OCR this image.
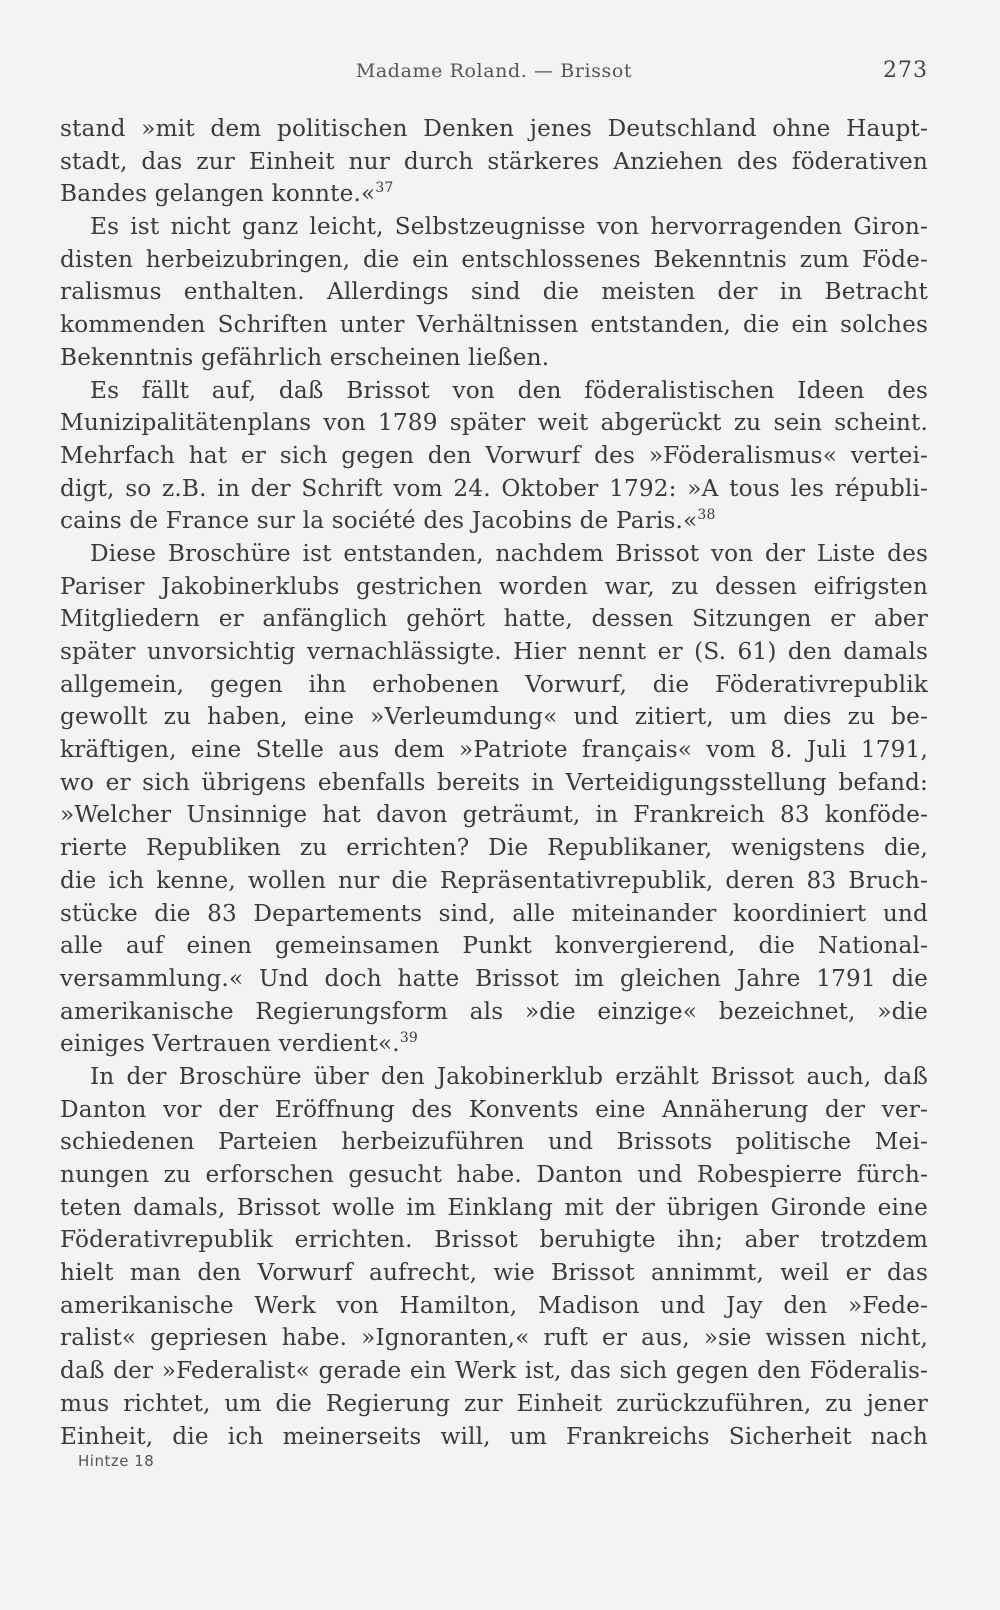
Madame Roland. — Brissot	273
stand »mit dem politischen Denken jenes Deutschland ohne Haupt-
stadt, das zur Einheit nur durch stärkeres Anziehen des föderativen
Bandes gelangen konnte.«$^{37}$
Es ist nicht ganz leicht, Selbstzeugnisse von hervorragenden Giron-
disten herbeizubringen, die ein entschlossenes Bekenntnis zum Föde-
ralismus enthalten. Allerdings sind die meisten der in Betracht
kommenden Schriften unter Verhältnissen entstanden, die ein solches
Bekenntnis gefährlich erscheinen ließen.
Es fällt auf, daß Brissot von den föderalistischen Ideen des
Munizipalitätenplans von 1789 später weit abgerückt zu sein scheint.
Mehrfach hat er sich gegen den Vorwurf des »Föderalismus« vertei-
digt, so z.B. in der Schrift vom 24. Oktober 1792: »A tous les républi-
cains de France sur la société des Jacobins de Paris.«$^{38}$
Diese Broschüre ist entstanden, nachdem Brissot von der Liste des
Pariser Jakobinerklubs gestrichen worden war, zu dessen eifrigsten
Mitgliedern er anfänglich gehört hatte, dessen Sitzungen er aber
später unvorsichtig vernachlässigte. Hier nennt er (S. 61) den damals
allgemein, gegen ihn erhobenen Vorwurf, die Föderativrepublik
gewollt zu haben, eine »Verleumdung« und zitiert, um dies zu be-
kräftigen, eine Stelle aus dem »Patriote français« vom 8. Juli 1791,
wo er sich übrigens ebenfalls bereits in Verteidigungsstellung befand:
»Welcher Unsinnige hat davon geträumt, in Frankreich 83 konföde-
rierte Republiken zu errichten? Die Republikaner, wenigstens die,
die ich kenne, wollen nur die Repräsentativrepublik, deren 83 Bruch-
stücke die 83 Departements sind, alle miteinander koordiniert und
alle auf einen gemeinsamen Punkt konvergierend, die National-
versammlung.« Und doch hatte Brissot im gleichen Jahre 1791 die
amerikanische Regierungsform als »die einzige« bezeichnet, »die
einiges Vertrauen verdient«.$^{39}$
In der Broschüre über den Jakobinerklub erzählt Brissot auch, daß
Danton vor der Eröffnung des Konvents eine Annäherung der ver-
schiedenen Parteien herbeizuführen und Brissots politische Mei-
nungen zu erforschen gesucht habe. Danton und Robespierre fürch-
teten damals, Brissot wolle im Einklang mit der übrigen Gironde eine
Föderativrepublik errichten. Brissot beruhigte ihn; aber trotzdem
hielt man den Vorwurf aufrecht, wie Brissot annimmt, weil er das
amerikanische Werk von Hamilton, Madison und Jay den »Fede-
ralist« gepriesen habe. »Ignoranten,« ruft er aus, »sie wissen nicht,
daß der »Federalist« gerade ein Werk ist, das sich gegen den Föderalis-
mus richtet, um die Regierung zur Einheit zurückzuführen, zu jener
Einheit, die ich meinerseits will, um Frankreichs Sicherheit nach
Hintze 18
